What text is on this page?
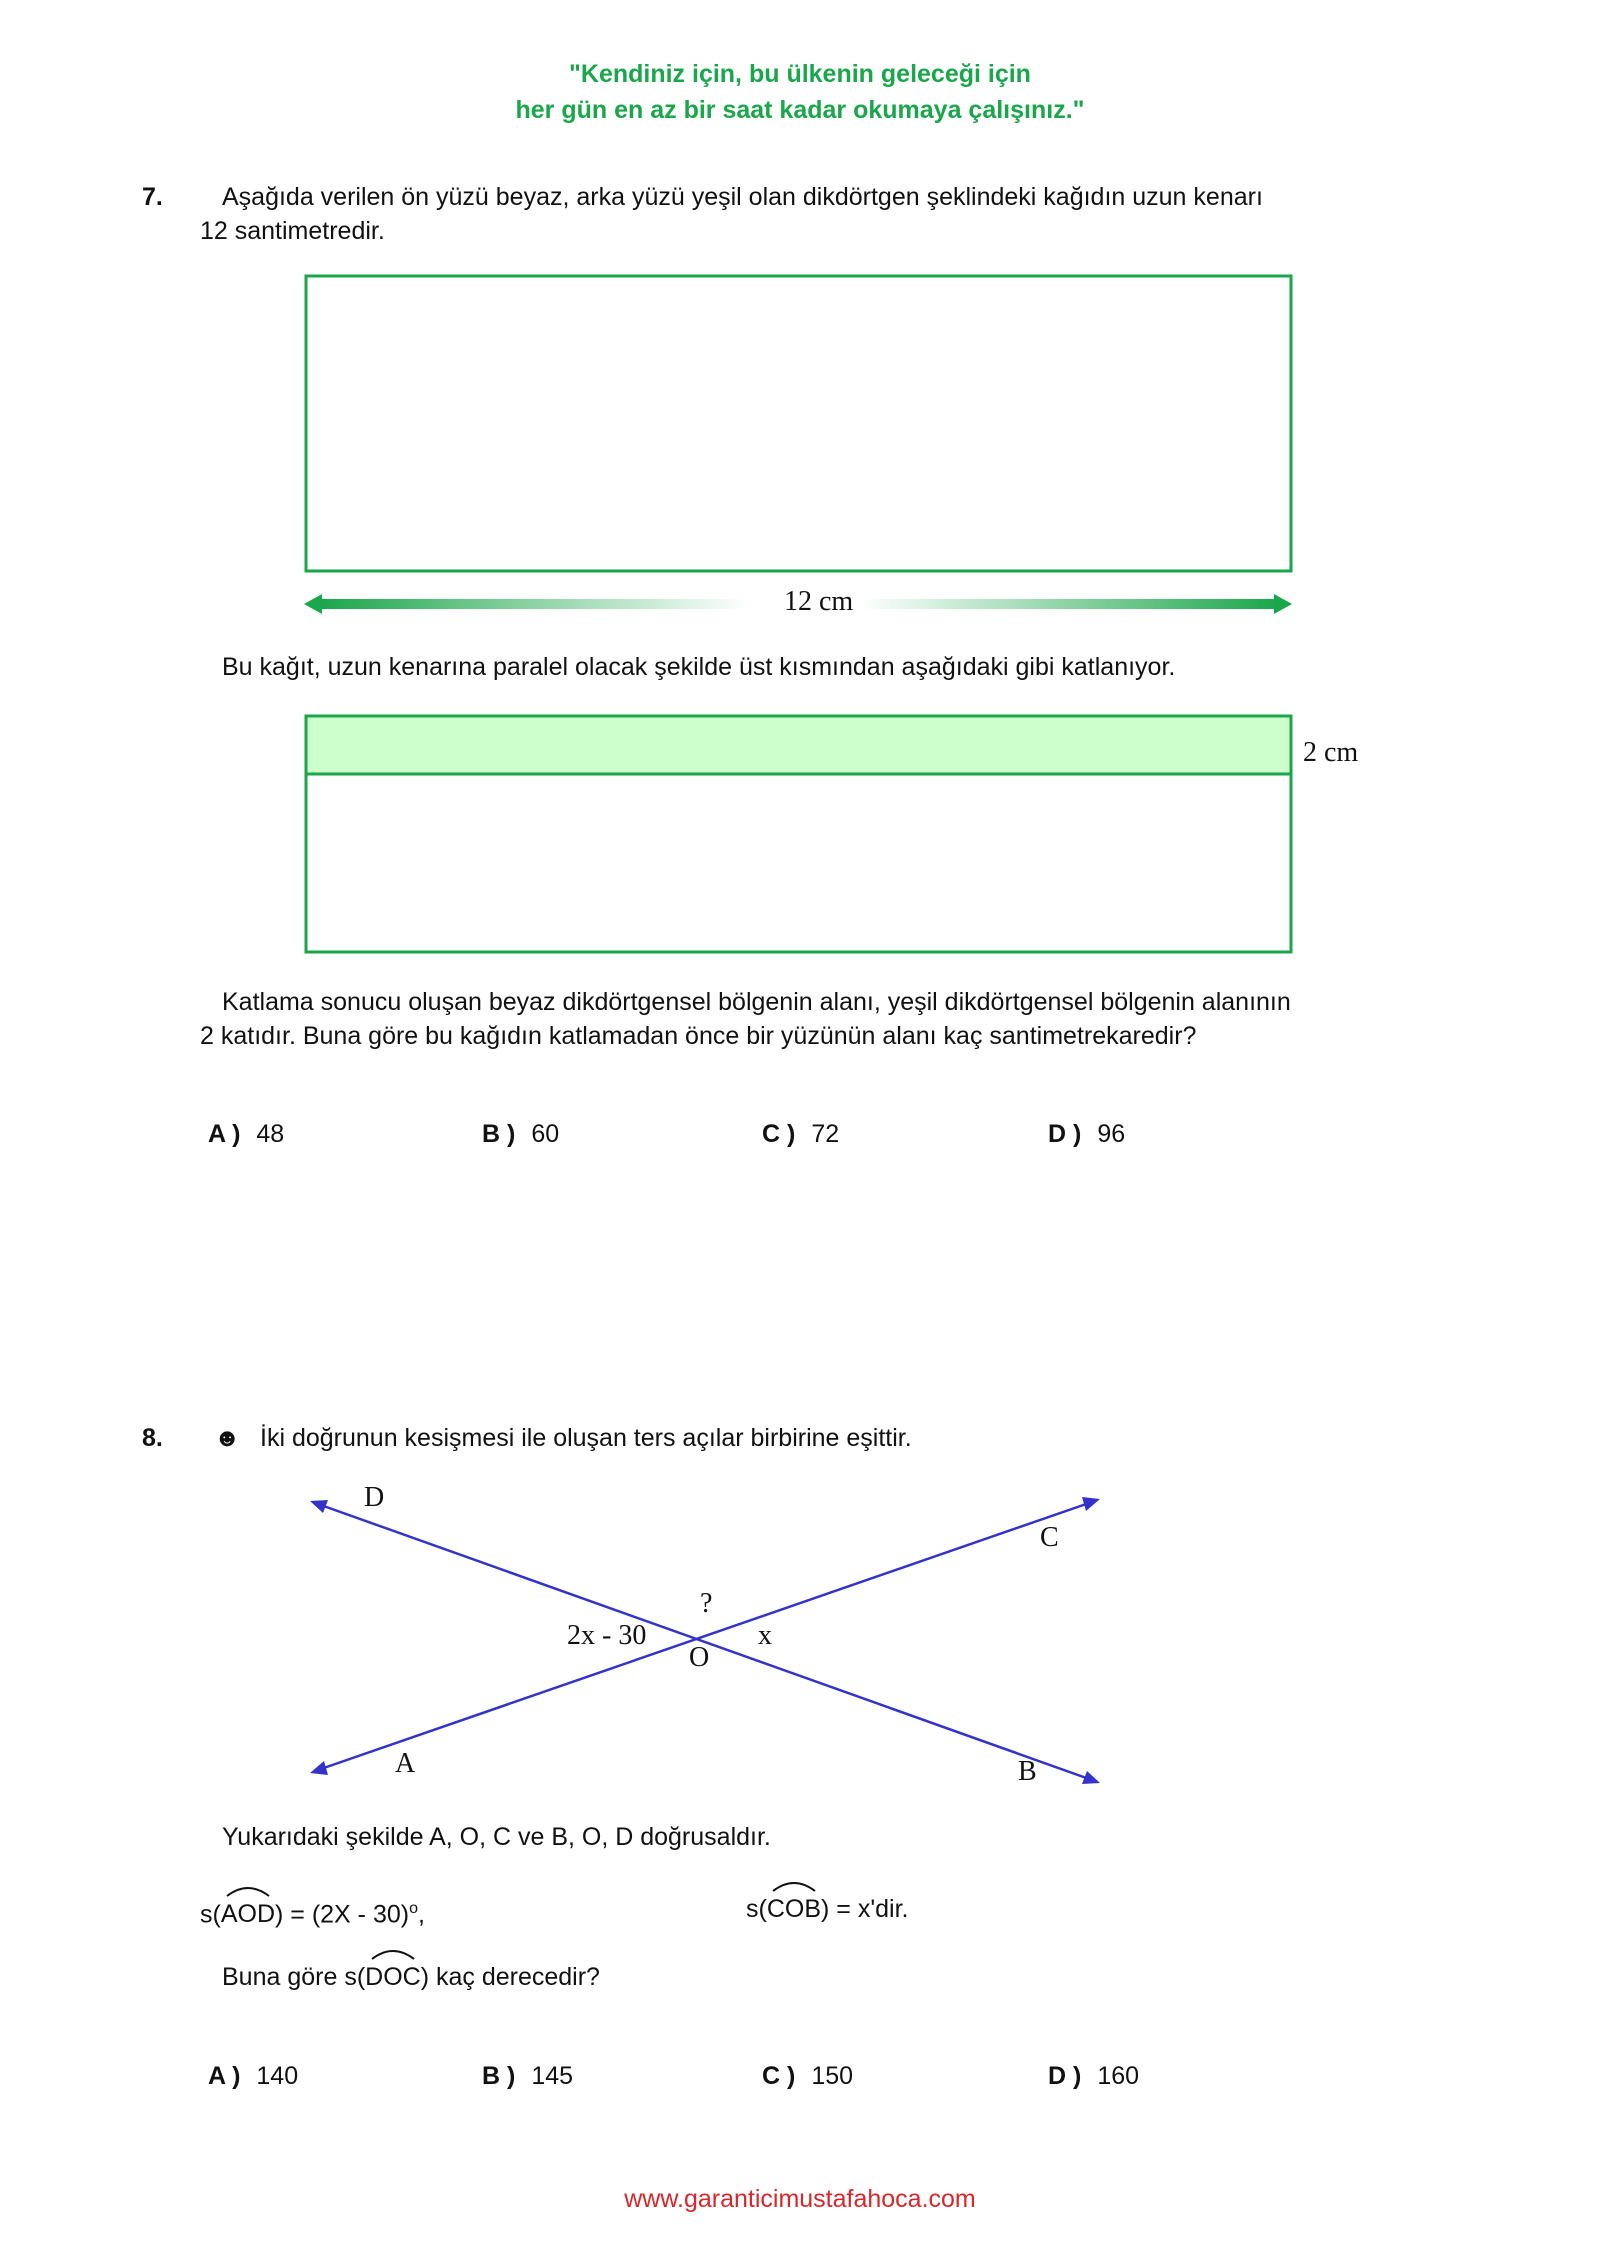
"Kendiniz için, bu ülkenin geleceği için
her gün en az bir saat kadar okumaya çalışınız."
7. Aşağıda verilen ön yüzü beyaz, arka yüzü yeşil olan dikdörtgen şeklindeki kağıdın uzun kenarı
12 santimetredir.
12 cm
Bu kağıt, uzun kenarına paralel olacak şekilde üst kısmından aşağıdaki gibi katlanıyor.
2 cm
Katlama sonucu oluşan beyaz dikdörtgensel bölgenin alanı, yeşil dikdörtgensel bölgenin alanının
2 katıdır. Buna göre bu kağıdın katlamadan önce bir yüzünün alanı kaç santimetrekaredir?
A ) 48	B ) 60	C ) 72	D ) 96
8. ☻ İki doğrunun kesişmesi ile oluşan ters açılar birbirine eşittir.
D
C
A	B
O
?
x
2x - 30
Yukarıdaki şekilde A, O, C ve B, O, D doğrusaldır.
s(
AOD) = (2X - 30)$^o$,	s(
COB) = x'dir.
Buna göre s(
DOC) kaç derecedir?
A ) 140	B ) 145	C ) 150	D ) 160
www.garanticimustafahoca.com
